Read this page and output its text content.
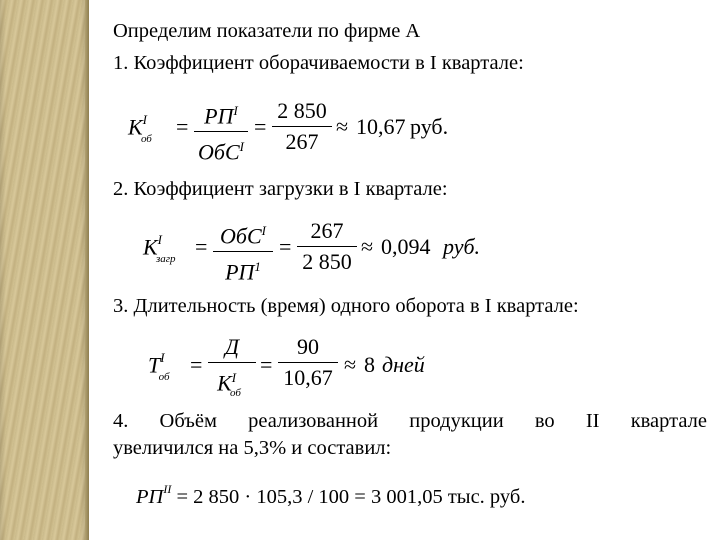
Определим показатели по фирме А
1. Коэффициент оборачиваемости в I квартале:
$К^I_{об} = РП^I$
ОбС$^I$
=
2 850
267
≈ 10,67 руб.
2. Коэффициент загрузки в I квартале:
$К^I_{загр} = ОбС^I$
$РП^1$
=
267
2 850
≈ 0,094 руб.
3. Длительность (время) одного оборота в I квартале:
$Т^I_{об}$ =
Д
$К^I_{об}$
=
90
10,67
≈ 8 дней
4. Объём реализованной продукции во II квартале
увеличился на 5,3% и составил:
$РП^{II} = 2$ 850 · 105,3 / 100 = 3 001,05 тыс. руб.
